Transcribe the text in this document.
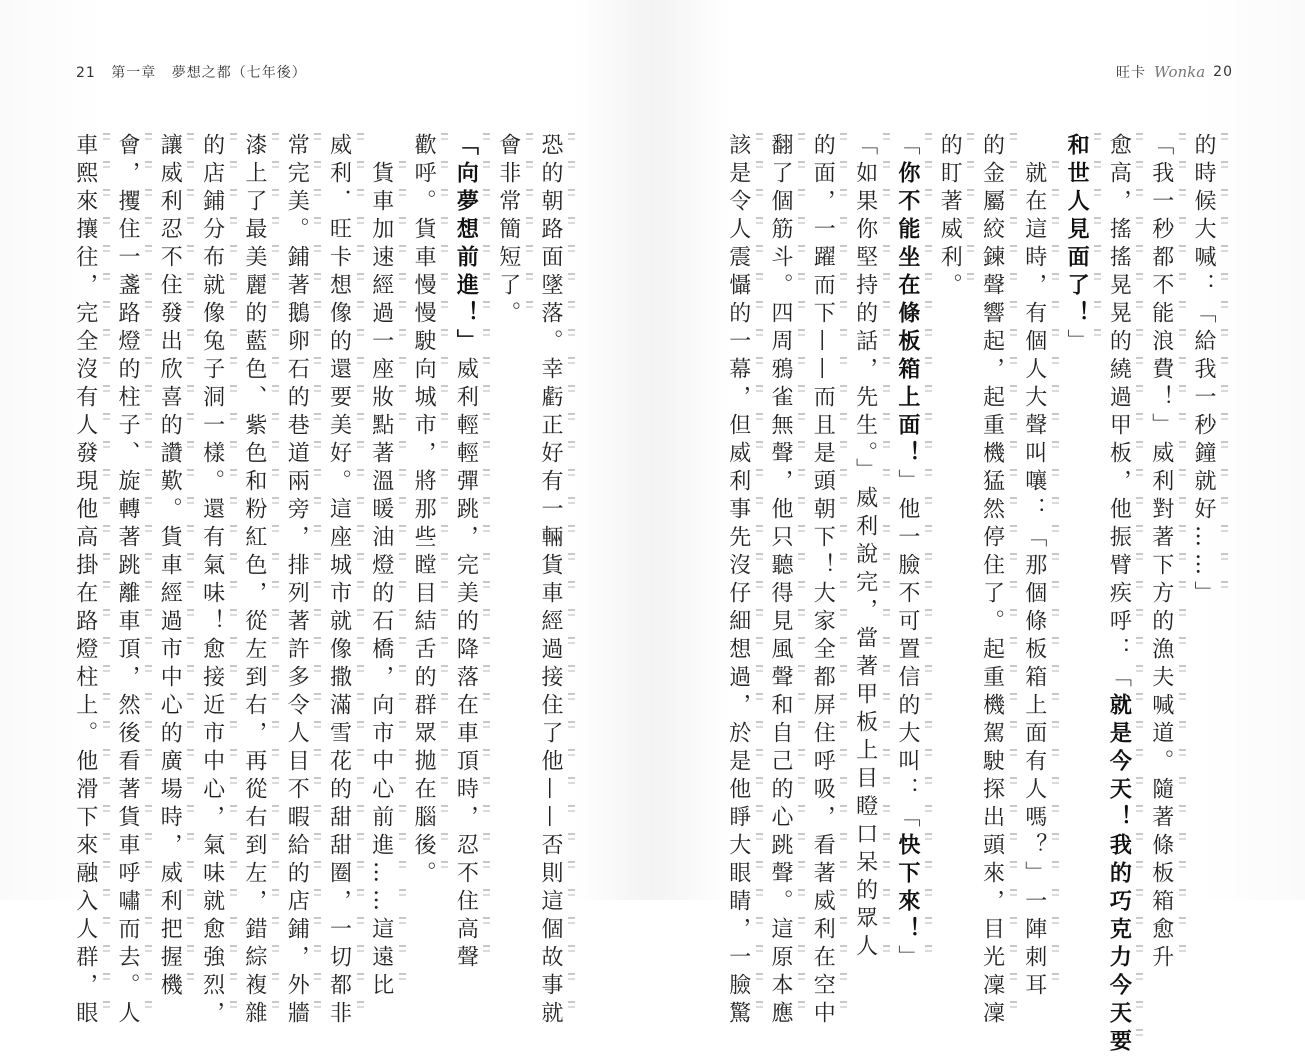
21 第一章 夢想之都（七年後）	旺卡 Wonka 20
恐的朝路面墜落。幸虧正好有一輛貨車經過接住了他——否則這個故事就
會非常簡短了。
「向夢想前進！」威利輕輕彈跳，完美的降落在車頂時，忍不住高聲
歡呼。貨車慢慢駛向城市，將那些瞠目結舌的群眾拋在腦後。
貨車加速經過一座妝點著溫暖油燈的石橋，向市中心前進……這遠比
威利．旺卡想像的還要美好。這座城市就像撒滿雪花的甜甜圈，一切都非
常完美。鋪著鵝卵石的巷道兩旁，排列著許多令人目不暇給的店鋪，外牆
漆上了最美麗的藍色、紫色和粉紅色，從左到右，再從右到左，錯綜複雜
的店鋪分布就像兔子洞一樣。還有氣味！愈接近市中心，氣味就愈強烈，
讓威利忍不住發出欣喜的讚歎。貨車經過市中心的廣場時，威利把握機
會，攫住一盞路燈的柱子、旋轉著跳離車頂，然後看著貨車呼嘯而去。人
車熙來攘往，完全沒有人發現他高掛在路燈柱上。他滑下來融入人群，眼	的時候大喊：「給我一秒鐘就好……」
「我一秒都不能浪費！」威利對著下方的漁夫喊道。隨著條板箱愈升
愈高，搖搖晃晃的繞過甲板，他振臂疾呼：「就是今天！我的巧克力今天要
和世人見面了！」
就在這時，有個人大聲叫嚷：「那個條板箱上面有人嗎？」一陣刺耳
的金屬絞鍊聲響起，起重機猛然停住了。起重機駕駛探出頭來，目光凜凜
的盯著威利。
「你不能坐在條板箱上面！」他一臉不可置信的大叫：「快下來！」
「如果你堅持的話，先生。」威利說完，當著甲板上目瞪口呆的眾人
的面，一躍而下——而且是頭朝下！大家全都屏住呼吸，看著威利在空中
翻了個筋斗。四周鴉雀無聲，他只聽得見風聲和自己的心跳聲。這原本應
該是令人震懾的一幕，但威利事先沒仔細想過，於是他睜大眼睛，一臉驚
